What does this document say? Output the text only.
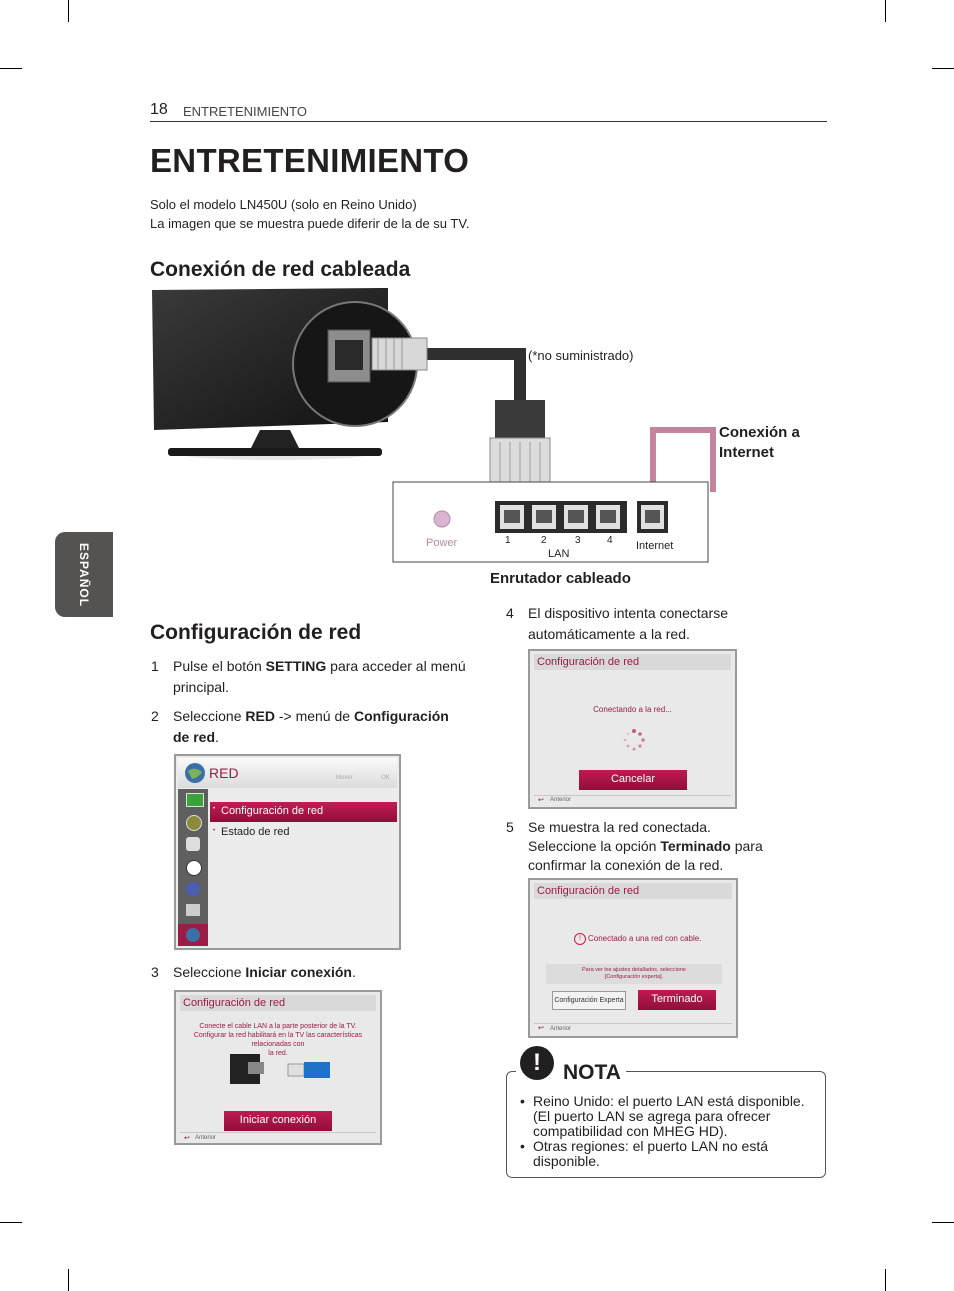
18 ENTRETENIMIENTO
ENTRETENIMIENTO
Solo el modelo LN450U (solo en Reino Unido)
La imagen que se muestra puede diferir de la de su TV.
ESPAÑOL
Conexión de red cableada
(*no suministrado)
Conexión a Internet
Power	1	2	3	4
LAN
Internet
Enrutador cableado
Configuración de red
1 Pulse el botón SETTING para acceder al menú
principal.
2 Seleccione RED -> menú de Configuración
de red.
RED	Mover	OK
• Configuración de red
• Estado de red
3 Seleccione Iniciar conexión.
Configuración de red
Conecte el cable LAN a la parte posterior de la TV.
Configurar la red habilitará en la TV las características relacionadas con
la red.
Iniciar conexión
↩ Anterior
4 El dispositivo intenta conectarse
automáticamente a la red.
Configuración de red
Conectando a la red...
Cancelar
↩ Anterior
5 Se muestra la red conectada.
Seleccione la opción Terminado para
confirmar la conexión de la red.
Configuración de red
! Conectado a una red con cable.
Para ver los ajustes detallados, seleccione
[Configuración experta].
Configuración Experta	Terminado
↩ Anterior
!	NOTA
• Reino Unido: el puerto LAN está disponible.
(El puerto LAN se agrega para ofrecer
compatibilidad con MHEG HD).
• Otras regiones: el puerto LAN no está
disponible.
